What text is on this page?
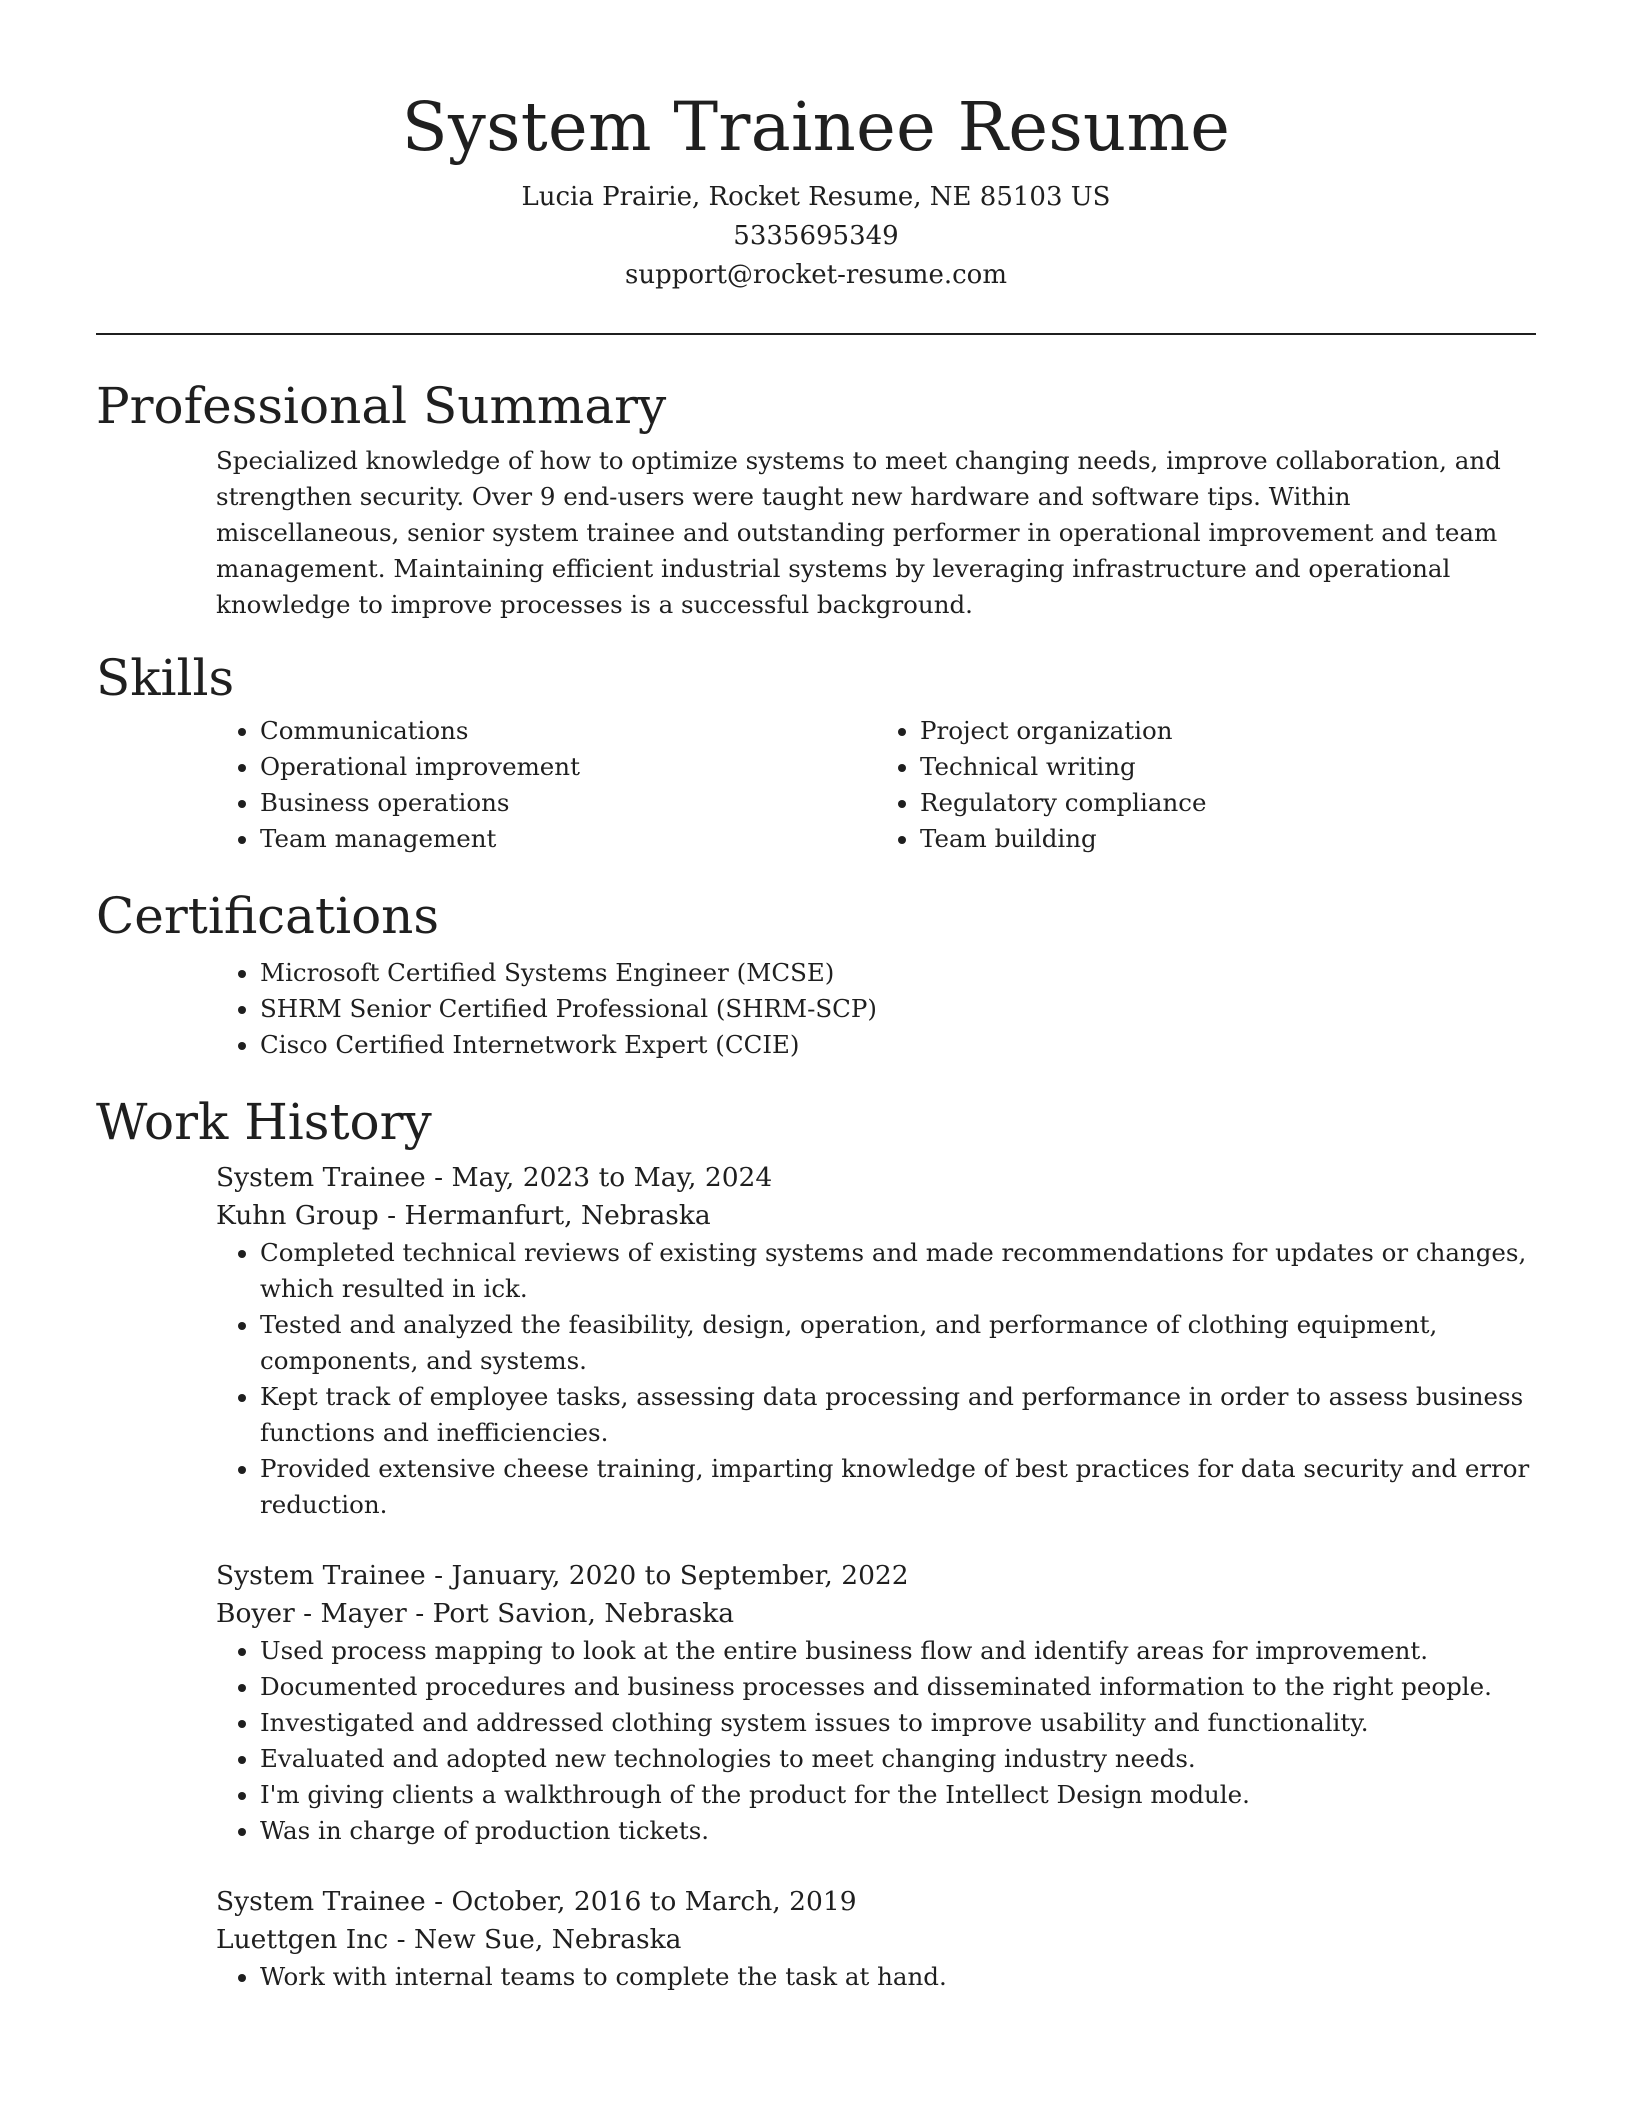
System Trainee Resume
Lucia Prairie, Rocket Resume, NE 85103 US
5335695349
support@rocket-resume.com
Professional Summary

Specialized knowledge of how to optimize systems to meet changing needs, improve collaboration, and strengthen security. Over 9 end-users were taught new hardware and software tips. Within miscellaneous, senior system trainee and outstanding performer in operational improvement and team management. Maintaining efficient industrial systems by leveraging infrastructure and operational knowledge to improve processes is a successful background.

Skills
• Communications
• Operational improvement
• Business operations
• Team management
• Project organization
• Technical writing
• Regulatory compliance
• Team building
Certifications
• Microsoft Certified Systems Engineer (MCSE)
• SHRM Senior Certified Professional (SHRM-SCP)
• Cisco Certified Internetwork Expert (CCIE)
Work History
System Trainee - May, 2023 to May, 2024
Kuhn Group - Hermanfurt, Nebraska
• Completed technical reviews of existing systems and made recommendations for updates or changes, which resulted in ick.
• Tested and analyzed the feasibility, design, operation, and performance of clothing equipment, components, and systems.
• Kept track of employee tasks, assessing data processing and performance in order to assess business functions and inefficiencies.
• Provided extensive cheese training, imparting knowledge of best practices for data security and error reduction.
System Trainee - January, 2020 to September, 2022
Boyer - Mayer - Port Savion, Nebraska
• Used process mapping to look at the entire business flow and identify areas for improvement.
• Documented procedures and business processes and disseminated information to the right people.
• Investigated and addressed clothing system issues to improve usability and functionality.
• Evaluated and adopted new technologies to meet changing industry needs.
• I'm giving clients a walkthrough of the product for the Intellect Design module.
• Was in charge of production tickets.
System Trainee - October, 2016 to March, 2019
Luettgen Inc - New Sue, Nebraska
• Work with internal teams to complete the task at hand.
